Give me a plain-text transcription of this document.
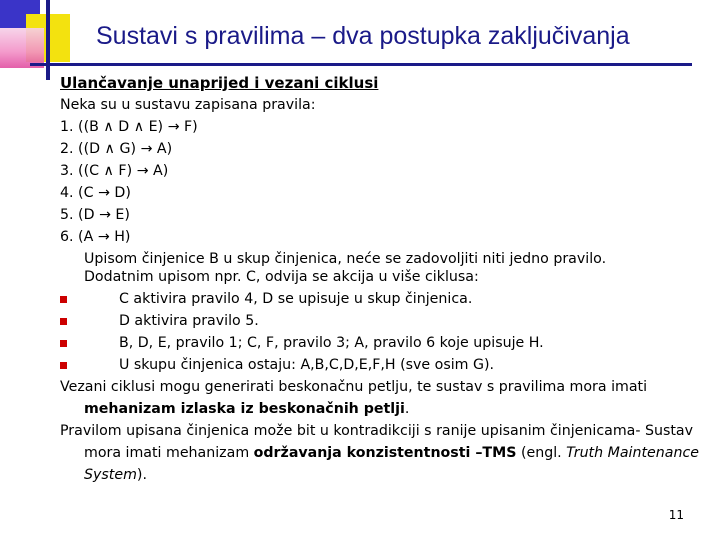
Sustavi s pravilima – dva postupka zaključivanja
Ulančavanje unaprijed i vezani ciklusi
Neka su u sustavu zapisana pravila:
1. ((B ∧ D ∧ E) → F)
2. ((D ∧ G) → A)
3. ((C ∧ F) → A)
4. (C → D)
5. (D → E)
6. (A → H)
Upisom činjenice B u skup činjenica, neće se zadovoljiti niti jedno pravilo.
Dodatnim upisom npr. C, odvija se akcija u više ciklusa:
C aktivira pravilo 4, D se upisuje u skup činjenica.
D aktivira pravilo 5.
B, D, E, pravilo 1; C, F, pravilo 3; A, pravilo 6 koje upisuje H.
U skupu činjenica ostaju: A,B,C,D,E,F,H (sve osim G).
Vezani ciklusi mogu generirati beskonačnu petlju, te sustav s pravilima mora imati mehanizam izlaska iz beskonačnih petlji.
Pravilom upisana činjenica može bit u kontradikciji s ranije upisanim činjenicama- Sustav mora imati mehanizam održavanja konzistentnosti –TMS (engl. Truth Maintenance System).
11
